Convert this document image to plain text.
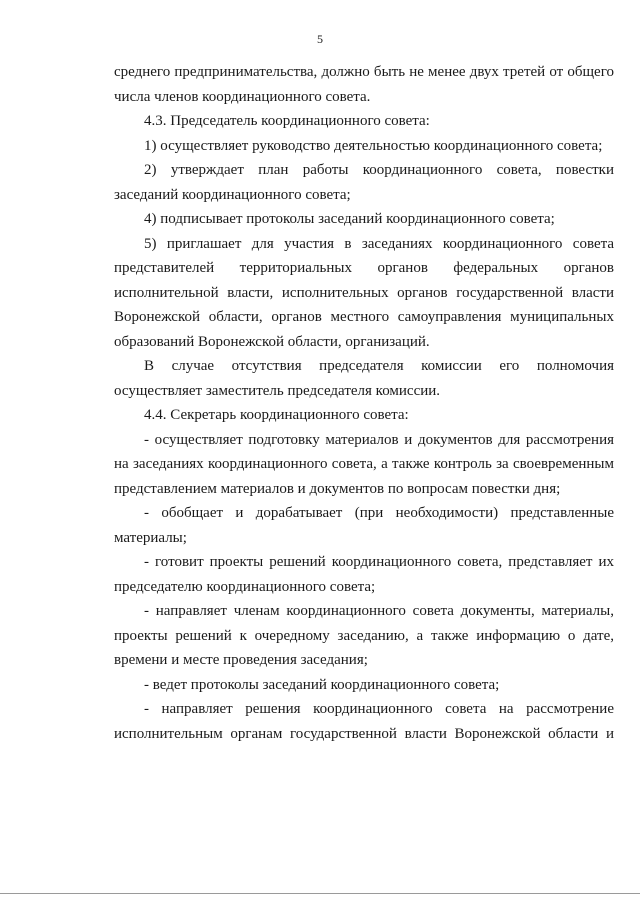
5
среднего предпринимательства, должно быть не менее двух третей от общего
числа членов координационного совета.
4.3. Председатель координационного совета:
1) осуществляет руководство деятельностью координационного совета;
2) утверждает план работы координационного совета, повестки
заседаний координационного совета;
4) подписывает протоколы заседаний координационного совета;
5) приглашает для участия в заседаниях координационного совета
представителей территориальных органов федеральных органов
исполнительной власти, исполнительных органов государственной власти
Воронежской области, органов местного самоуправления муниципальных
образований Воронежской области, организаций.
В случае отсутствия председателя комиссии его полномочия
осуществляет заместитель председателя комиссии.
4.4. Секретарь координационного совета:
- осуществляет подготовку материалов и документов для рассмотрения
на заседаниях координационного совета, а также контроль за своевременным
представлением материалов и документов по вопросам повестки дня;
- обобщает и дорабатывает (при необходимости) представленные
материалы;
- готовит проекты решений координационного совета, представляет их
председателю координационного совета;
- направляет членам координационного совета документы, материалы,
проекты решений к очередному заседанию, а также информацию о дате,
времени и месте проведения заседания;
- ведет протоколы заседаний координационного совета;
- направляет решения координационного совета на рассмотрение
исполнительным органам государственной власти Воронежской области и
